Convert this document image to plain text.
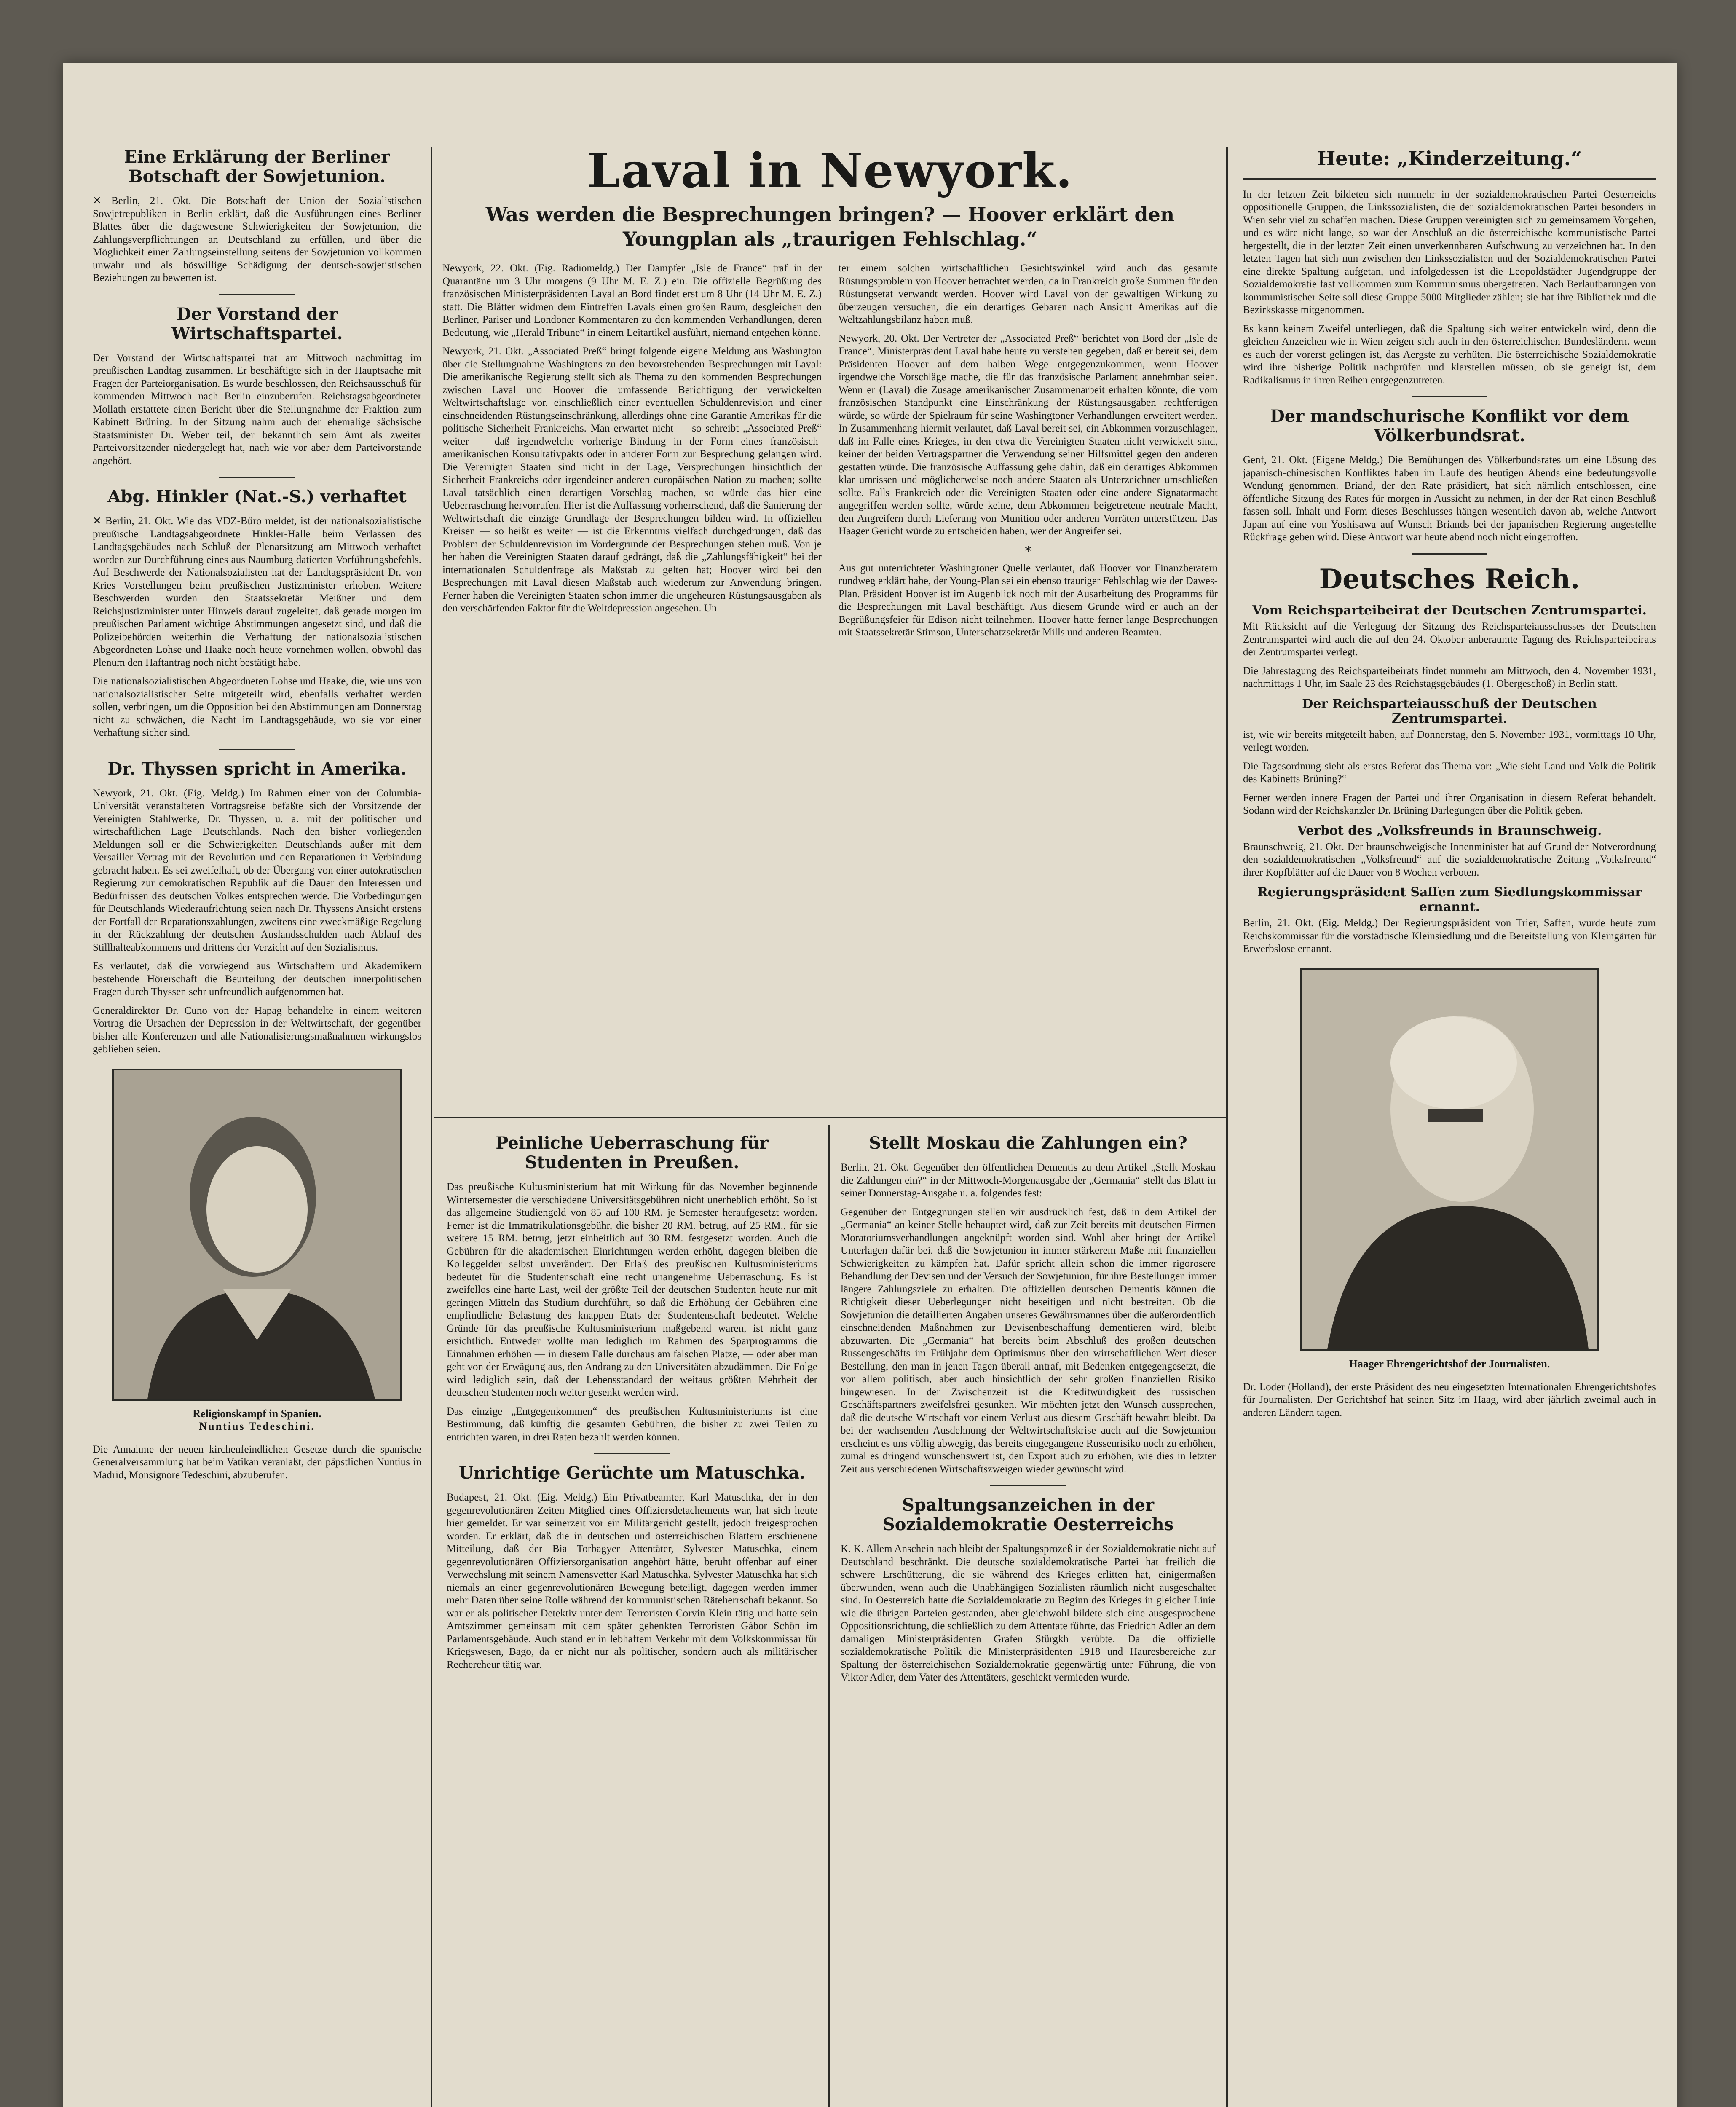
Eine Erklärung der Berliner Botschaft der Sowjetunion.

✕ Berlin, 21. Okt. Die Botschaft der Union der Sozialistischen Sowjetrepubliken in Berlin erklärt, daß die Ausführungen eines Berliner Blattes über die dagewesene Schwierigkeiten der Sowjetunion, die Zahlungsverpflichtungen an Deutschland zu erfüllen, und über die Möglichkeit einer Zahlungseinstellung seitens der Sowjetunion vollkommen unwahr und als böswillige Schädigung der deutsch-sowjetistischen Beziehungen zu bewerten ist.

Der Vorstand der Wirtschaftspartei.

Der Vorstand der Wirtschaftspartei trat am Mittwoch nachmittag im preußischen Landtag zusammen. Er beschäftigte sich in der Hauptsache mit Fragen der Parteiorganisation. Es wurde beschlossen, den Reichsausschuß für kommenden Mittwoch nach Berlin einzuberufen. Reichstagsabgeordneter Mollath erstattete einen Bericht über die Stellungnahme der Fraktion zum Kabinett Brüning. In der Sitzung nahm auch der ehemalige sächsische Staatsminister Dr. Weber teil, der bekanntlich sein Amt als zweiter Parteivorsitzender niedergelegt hat, nach wie vor aber dem Parteivorstande angehört.

Abg. Hinkler (Nat.-S.) verhaftet

✕ Berlin, 21. Okt. Wie das VDZ-Büro meldet, ist der nationalsozialistische preußische Landtagsabgeordnete Hinkler-Halle beim Verlassen des Landtagsgebäudes nach Schluß der Plenarsitzung am Mittwoch verhaftet worden zur Durchführung eines aus Naumburg datierten Vorführungsbefehls. Auf Beschwerde der Nationalsozialisten hat der Landtagspräsident Dr. von Kries Vorstellungen beim preußischen Justizminister erhoben. Weitere Beschwerden wurden den Staatssekretär Meißner und dem Reichsjustizminister unter Hinweis darauf zugeleitet, daß gerade morgen im preußischen Parlament wichtige Abstimmungen angesetzt sind, und daß die Polizeibehörden weiterhin die Verhaftung der nationalsozialistischen Abgeordneten Lohse und Haake noch heute vornehmen wollen, obwohl das Plenum den Haftantrag noch nicht bestätigt habe.

Die nationalsozialistischen Abgeordneten Lohse und Haake, die, wie uns von nationalsozialistischer Seite mitgeteilt wird, ebenfalls verhaftet werden sollen, verbringen, um die Opposition bei den Abstimmungen am Donnerstag nicht zu schwächen, die Nacht im Landtagsgebäude, wo sie vor einer Verhaftung sicher sind.

Dr. Thyssen spricht in Amerika.

Newyork, 21. Okt. (Eig. Meldg.) Im Rahmen einer von der Columbia-Universität veranstalteten Vortragsreise befaßte sich der Vorsitzende der Vereinigten Stahlwerke, Dr. Thyssen, u. a. mit der politischen und wirtschaftlichen Lage Deutschlands. Nach den bisher vorliegenden Meldungen soll er die Schwierigkeiten Deutschlands außer mit dem Versailler Vertrag mit der Revolution und den Reparationen in Verbindung gebracht haben. Es sei zweifelhaft, ob der Übergang von einer autokratischen Regierung zur demokratischen Republik auf die Dauer den Interessen und Bedürfnissen des deutschen Volkes entsprechen werde. Die Vorbedingungen für Deutschlands Wiederaufrichtung seien nach Dr. Thyssens Ansicht erstens der Fortfall der Reparationszahlungen, zweitens eine zweckmäßige Regelung in der Rückzahlung der deutschen Auslandsschulden nach Ablauf des Stillhalteabkommens und drittens der Verzicht auf den Sozialismus.

Es verlautet, daß die vorwiegend aus Wirtschaftern und Akademikern bestehende Hörerschaft die Beurteilung der deutschen innerpolitischen Fragen durch Thyssen sehr unfreundlich aufgenommen hat.

Generaldirektor Dr. Cuno von der Hapag behandelte in einem weiteren Vortrag die Ursachen der Depression in der Weltwirtschaft, der gegenüber bisher alle Konferenzen und alle Nationalisierungsmaßnahmen wirkungslos geblieben seien.

Religionskampf in Spanien.
Nuntius Tedeschini.

Die Annahme der neuen kirchenfeindlichen Gesetze durch die spanische Generalversammlung hat beim Vatikan veranlaßt, den päpstlichen Nuntius in Madrid, Monsignore Tedeschini, abzuberufen.

Laval in Newyork.
Was werden die Besprechungen bringen? — Hoover erklärt den Youngplan als „traurigen Fehlschlag.“

Newyork, 22. Okt. (Eig. Radiomeldg.) Der Dampfer „Isle de France“ traf in der Quarantäne um 3 Uhr morgens (9 Uhr M. E. Z.) ein. Die offizielle Begrüßung des französischen Ministerpräsidenten Laval an Bord findet erst um 8 Uhr (14 Uhr M. E. Z.) statt. Die Blätter widmen dem Eintreffen Lavals einen großen Raum, desgleichen den Berliner, Pariser und Londoner Kommentaren zu den kommenden Verhandlungen, deren Bedeutung, wie „Herald Tribune“ in einem Leitartikel ausführt, niemand entgehen könne.

Newyork, 21. Okt. „Associated Preß“ bringt folgende eigene Meldung aus Washington über die Stellungnahme Washingtons zu den bevorstehenden Besprechungen mit Laval: Die amerikanische Regierung stellt sich als Thema zu den kommenden Besprechungen zwischen Laval und Hoover die umfassende Berichtigung der verwickelten Weltwirtschaftslage vor, einschließlich einer eventuellen Schuldenrevision und einer einschneidenden Rüstungseinschränkung, allerdings ohne eine Garantie Amerikas für die politische Sicherheit Frankreichs. Man erwartet nicht — so schreibt „Associated Preß“ weiter — daß irgendwelche vorherige Bindung in der Form eines französisch-amerikanischen Konsultativpakts oder in anderer Form zur Besprechung gelangen wird. Die Vereinigten Staaten sind nicht in der Lage, Versprechungen hinsichtlich der Sicherheit Frankreichs oder irgendeiner anderen europäischen Nation zu machen; sollte Laval tatsächlich einen derartigen Vorschlag machen, so würde das hier eine Ueberraschung hervorrufen. Hier ist die Auffassung vorherrschend, daß die Sanierung der Weltwirtschaft die einzige Grundlage der Besprechungen bilden wird. In offiziellen Kreisen — so heißt es weiter — ist die Erkenntnis vielfach durchgedrungen, daß das Problem der Schuldenrevision im Vordergrunde der Besprechungen stehen muß. Von je her haben die Vereinigten Staaten darauf gedrängt, daß die „Zahlungsfähigkeit“ bei der internationalen Schuldenfrage als Maßstab zu gelten hat; Hoover wird bei den Besprechungen mit Laval diesen Maßstab auch wiederum zur Anwendung bringen. Ferner haben die Vereinigten Staaten schon immer die ungeheuren Rüstungsausgaben als den verschärfenden Faktor für die Weltdepression angesehen. Un-

ter einem solchen wirtschaftlichen Gesichtswinkel wird auch das gesamte Rüstungsproblem von Hoover betrachtet werden, da in Frankreich große Summen für den Rüstungsetat verwandt werden. Hoover wird Laval von der gewaltigen Wirkung zu überzeugen versuchen, die ein derartiges Gebaren nach Ansicht Amerikas auf die Weltzahlungsbilanz haben muß.

Newyork, 20. Okt. Der Vertreter der „Associated Preß“ berichtet von Bord der „Isle de France“, Ministerpräsident Laval habe heute zu verstehen gegeben, daß er bereit sei, dem Präsidenten Hoover auf dem halben Wege entgegenzukommen, wenn Hoover irgendwelche Vorschläge mache, die für das französische Parlament annehmbar seien. Wenn er (Laval) die Zusage amerikanischer Zusammenarbeit erhalten könnte, die vom französischen Standpunkt eine Einschränkung der Rüstungsausgaben rechtfertigen würde, so würde der Spielraum für seine Washingtoner Verhandlungen erweitert werden. In Zusammenhang hiermit verlautet, daß Laval bereit sei, ein Abkommen vorzuschlagen, daß im Falle eines Krieges, in den etwa die Vereinigten Staaten nicht verwickelt sind, keiner der beiden Vertragspartner die Verwendung seiner Hilfsmittel gegen den anderen gestatten würde. Die französische Auffassung gehe dahin, daß ein derartiges Abkommen klar umrissen und möglicherweise noch andere Staaten als Unterzeichner umschließen sollte. Falls Frankreich oder die Vereinigten Staaten oder eine andere Signatarmacht angegriffen werden sollte, würde keine, dem Abkommen beigetretene neutrale Macht, den Angreifern durch Lieferung von Munition oder anderen Vorräten unterstützen. Das Haager Gericht würde zu entscheiden haben, wer der Angreifer sei.

*

Aus gut unterrichteter Washingtoner Quelle verlautet, daß Hoover vor Finanzberatern rundweg erklärt habe, der Young-Plan sei ein ebenso trauriger Fehlschlag wie der Dawes-Plan. Präsident Hoover ist im Augenblick noch mit der Ausarbeitung des Programms für die Besprechungen mit Laval beschäftigt. Aus diesem Grunde wird er auch an der Begrüßungsfeier für Edison nicht teilnehmen. Hoover hatte ferner lange Besprechungen mit Staatssekretär Stimson, Unterschatzsekretär Mills und anderen Beamten.

Peinliche Ueberraschung für Studenten in Preußen.

Das preußische Kultusministerium hat mit Wirkung für das November beginnende Wintersemester die verschiedene Universitätsgebühren nicht unerheblich erhöht. So ist das allgemeine Studiengeld von 85 auf 100 RM. je Semester heraufgesetzt worden. Ferner ist die Immatrikulationsgebühr, die bisher 20 RM. betrug, auf 25 RM., für sie weitere 15 RM. betrug, jetzt einheitlich auf 30 RM. festgesetzt worden. Auch die Gebühren für die akademischen Einrichtungen werden erhöht, dagegen bleiben die Kolleggelder selbst unverändert. Der Erlaß des preußischen Kultusministeriums bedeutet für die Studentenschaft eine recht unangenehme Ueberraschung. Es ist zweifellos eine harte Last, weil der größte Teil der deutschen Studenten heute nur mit geringen Mitteln das Studium durchführt, so daß die Erhöhung der Gebühren eine empfindliche Belastung des knappen Etats der Studentenschaft bedeutet. Welche Gründe für das preußische Kultusministerium maßgebend waren, ist nicht ganz ersichtlich. Entweder wollte man lediglich im Rahmen des Sparprogramms die Einnahmen erhöhen — in diesem Falle durchaus am falschen Platze, — oder aber man geht von der Erwägung aus, den Andrang zu den Universitäten abzudämmen. Die Folge wird lediglich sein, daß der Lebensstandard der weitaus größten Mehrheit der deutschen Studenten noch weiter gesenkt werden wird.

Das einzige „Entgegenkommen“ des preußischen Kultusministeriums ist eine Bestimmung, daß künftig die gesamten Gebühren, die bisher zu zwei Teilen zu entrichten waren, in drei Raten bezahlt werden können.

Unrichtige Gerüchte um Matuschka.

Budapest, 21. Okt. (Eig. Meldg.) Ein Privatbeamter, Karl Matuschka, der in den gegenrevolutionären Zeiten Mitglied eines Offiziersdetachements war, hat sich heute hier gemeldet. Er war seinerzeit vor ein Militärgericht gestellt, jedoch freigesprochen worden. Er erklärt, daß die in deutschen und österreichischen Blättern erschienene Mitteilung, daß der Bia Torbagyer Attentäter, Sylvester Matuschka, einem gegenrevolutionären Offiziersorganisation angehört hätte, beruht offenbar auf einer Verwechslung mit seinem Namensvetter Karl Matuschka. Sylvester Matuschka hat sich niemals an einer gegenrevolutionären Bewegung beteiligt, dagegen werden immer mehr Daten über seine Rolle während der kommunistischen Räteherrschaft bekannt. So war er als politischer Detektiv unter dem Terroristen Corvin Klein tätig und hatte sein Amtszimmer gemeinsam mit dem später gehenkten Terroristen Gábor Schön im Parlamentsgebäude. Auch stand er in lebhaftem Verkehr mit dem Volkskommissar für Kriegswesen, Bago, da er nicht nur als politischer, sondern auch als militärischer Rechercheur tätig war.

Stellt Moskau die Zahlungen ein?

Berlin, 21. Okt. Gegenüber den öffentlichen Dementis zu dem Artikel „Stellt Moskau die Zahlungen ein?“ in der Mittwoch-Morgenausgabe der „Germania“ stellt das Blatt in seiner Donnerstag-Ausgabe u. a. folgendes fest:

Gegenüber den Entgegnungen stellen wir ausdrücklich fest, daß in dem Artikel der „Germania“ an keiner Stelle behauptet wird, daß zur Zeit bereits mit deutschen Firmen Moratoriumsverhandlungen angeknüpft worden sind. Wohl aber bringt der Artikel Unterlagen dafür bei, daß die Sowjetunion in immer stärkerem Maße mit finanziellen Schwierigkeiten zu kämpfen hat. Dafür spricht allein schon die immer rigorosere Behandlung der Devisen und der Versuch der Sowjetunion, für ihre Bestellungen immer längere Zahlungsziele zu erhalten. Die offiziellen deutschen Dementis können die Richtigkeit dieser Ueberlegungen nicht beseitigen und nicht bestreiten. Ob die Sowjetunion die detaillierten Angaben unseres Gewährsmannes über die außerordentlich einschneidenden Maßnahmen zur Devisenbeschaffung dementieren wird, bleibt abzuwarten. Die „Germania“ hat bereits beim Abschluß des großen deutschen Russengeschäfts im Frühjahr dem Optimismus über den wirtschaftlichen Wert dieser Bestellung, den man in jenen Tagen überall antraf, mit Bedenken entgegengesetzt, die vor allem politisch, aber auch hinsichtlich der sehr großen finanziellen Risiko hingewiesen. In der Zwischenzeit ist die Kreditwürdigkeit des russischen Geschäftspartners zweifelsfrei gesunken. Wir möchten jetzt den Wunsch aussprechen, daß die deutsche Wirtschaft vor einem Verlust aus diesem Geschäft bewahrt bleibt. Da bei der wachsenden Ausdehnung der Weltwirtschaftskrise auch auf die Sowjetunion erscheint es uns völlig abwegig, das bereits eingegangene Russenrisiko noch zu erhöhen, zumal es dringend wünschenswert ist, den Export auch zu erhöhen, wie dies in letzter Zeit aus verschiedenen Wirtschaftszweigen wieder gewünscht wird.

Spaltungsanzeichen in der Sozialdemokratie Oesterreichs

K. K. Allem Anschein nach bleibt der Spaltungsprozeß in der Sozialdemokratie nicht auf Deutschland beschränkt. Die deutsche sozialdemokratische Partei hat freilich die schwere Erschütterung, die sie während des Krieges erlitten hat, einigermaßen überwunden, wenn auch die Unabhängigen Sozialisten räumlich nicht ausgeschaltet sind. In Oesterreich hatte die Sozialdemokratie zu Beginn des Krieges in gleicher Linie wie die übrigen Parteien gestanden, aber gleichwohl bildete sich eine ausgesprochene Oppositionsrichtung, die schließlich zu dem Attentate führte, das Friedrich Adler an dem damaligen Ministerpräsidenten Grafen Stürgkh verübte. Da die offizielle sozialdemokratische Politik die Ministerpräsidenten 1918 und Hauresbereiche zur Spaltung der österreichischen Sozialdemokratie gegenwärtig unter Führung, die von Viktor Adler, dem Vater des Attentäters, geschickt vermieden wurde.

Heute: „Kinderzeitung.“

In der letzten Zeit bildeten sich nunmehr in der sozialdemokratischen Partei Oesterreichs oppositionelle Gruppen, die Linkssozialisten, die der sozialdemokratischen Partei besonders in Wien sehr viel zu schaffen machen. Diese Gruppen vereinigten sich zu gemeinsamem Vorgehen, und es wäre nicht lange, so war der Anschluß an die österreichische kommunistische Partei hergestellt, die in der letzten Zeit einen unverkennbaren Aufschwung zu verzeichnen hat. In den letzten Tagen hat sich nun zwischen den Linkssozialisten und der Sozialdemokratischen Partei eine direkte Spaltung aufgetan, und infolgedessen ist die Leopoldstädter Jugendgruppe der Sozialdemokratie fast vollkommen zum Kommunismus übergetreten. Nach Berlautbarungen von kommunistischer Seite soll diese Gruppe 5000 Mitglieder zählen; sie hat ihre Bibliothek und die Bezirkskasse mitgenommen.

Es kann keinem Zweifel unterliegen, daß die Spaltung sich weiter entwickeln wird, denn die gleichen Anzeichen wie in Wien zeigen sich auch in den österreichischen Bundesländern. wenn es auch der vorerst gelingen ist, das Aergste zu verhüten. Die österreichische Sozialdemokratie wird ihre bisherige Politik nachprüfen und klarstellen müssen, ob sie geneigt ist, dem Radikalismus in ihren Reihen entgegenzutreten.

Der mandschurische Konflikt vor dem Völkerbundsrat.

Genf, 21. Okt. (Eigene Meldg.) Die Bemühungen des Völkerbundsrates um eine Lösung des japanisch-chinesischen Konfliktes haben im Laufe des heutigen Abends eine bedeutungsvolle Wendung genommen. Briand, der den Rate präsidiert, hat sich nämlich entschlossen, eine öffentliche Sitzung des Rates für morgen in Aussicht zu nehmen, in der der Rat einen Beschluß fassen soll. Inhalt und Form dieses Beschlusses hängen wesentlich davon ab, welche Antwort Japan auf eine von Yoshisawa auf Wunsch Briands bei der japanischen Regierung angestellte Rückfrage geben wird. Diese Antwort war heute abend noch nicht eingetroffen.

Deutsches Reich.
Vom Reichsparteibeirat der Deutschen Zentrumspartei.

Mit Rücksicht auf die Verlegung der Sitzung des Reichsparteiausschusses der Deutschen Zentrumspartei wird auch die auf den 24. Oktober anberaumte Tagung des Reichsparteibeirats der Zentrumspartei verlegt.

Die Jahrestagung des Reichsparteibeirats findet nunmehr am Mittwoch, den 4. November 1931, nachmittags 1 Uhr, im Saale 23 des Reichstagsgebäudes (1. Obergeschoß) in Berlin statt.

Der Reichsparteiausschuß der Deutschen Zentrumspartei.

ist, wie wir bereits mitgeteilt haben, auf Donnerstag, den 5. November 1931, vormittags 10 Uhr, verlegt worden.

Die Tagesordnung sieht als erstes Referat das Thema vor: „Wie sieht Land und Volk die Politik des Kabinetts Brüning?“

Ferner werden innere Fragen der Partei und ihrer Organisation in diesem Referat behandelt. Sodann wird der Reichskanzler Dr. Brüning Darlegungen über die Politik geben.

Verbot des „Volksfreunds in Braunschweig.

Braunschweig, 21. Okt. Der braunschweigische Innenminister hat auf Grund der Notverordnung den sozialdemokratischen „Volksfreund“ auf die sozialdemokratische Zeitung „Volksfreund“ ihrer Kopfblätter auf die Dauer von 8 Wochen verboten.

Regierungspräsident Saffen zum Siedlungskommissar ernannt.

Berlin, 21. Okt. (Eig. Meldg.) Der Regierungspräsident von Trier, Saffen, wurde heute zum Reichskommissar für die vorstädtische Kleinsiedlung und die Bereitstellung von Kleingärten für Erwerbslose ernannt.

Haager Ehrengerichtshof der Journalisten.

Dr. Loder (Holland), der erste Präsident des neu eingesetzten Internationalen Ehrengerichtshofes für Journalisten. Der Gerichtshof hat seinen Sitz im Haag, wird aber jährlich zweimal auch in anderen Ländern tagen.
